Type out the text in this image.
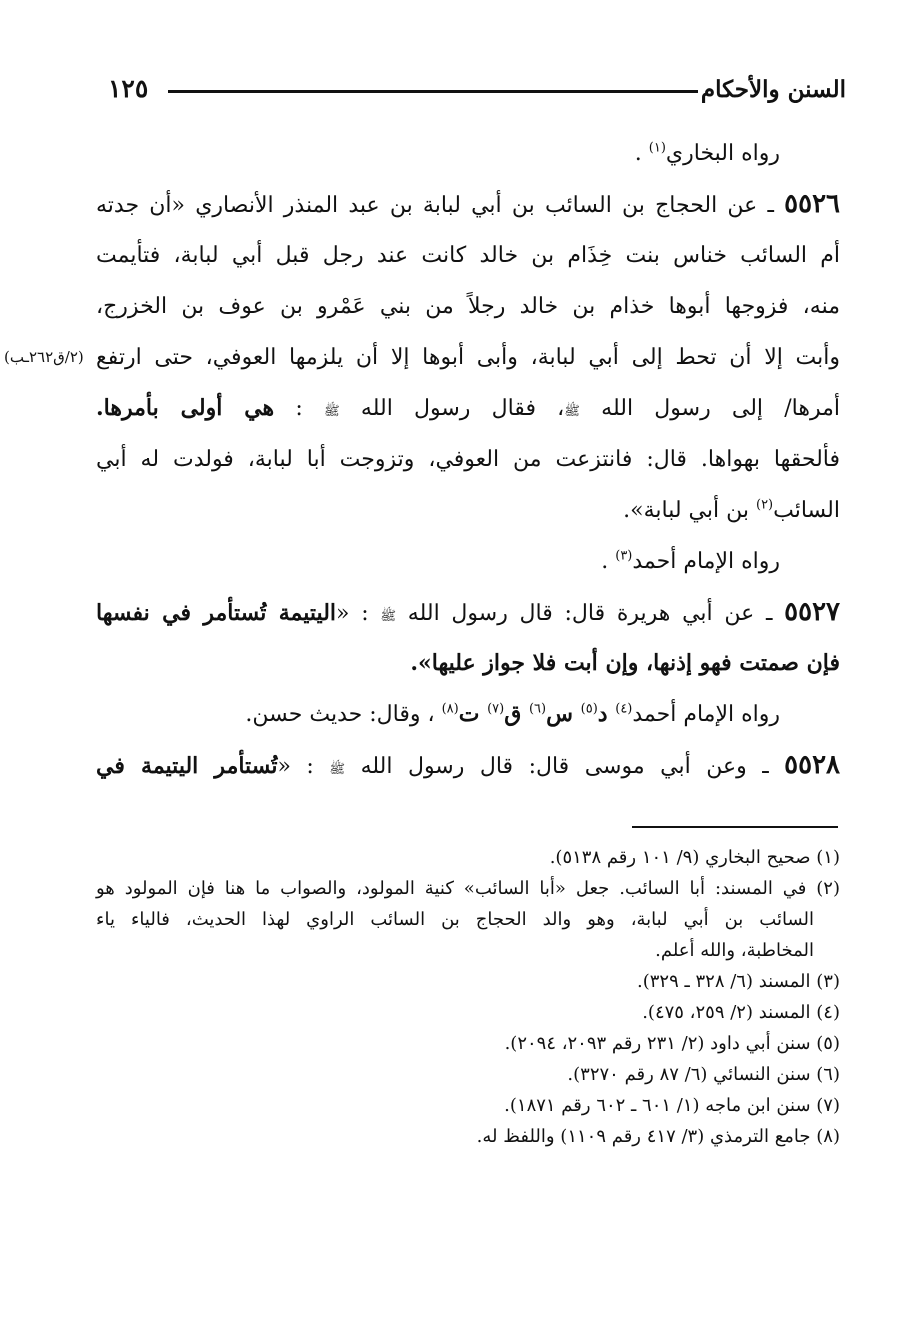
السنن والأحكام
١٢٥
رواه البخاري$^{(١)}$ .
٥٥٢٦ ـ عن الحجاج بن السائب بن أبي لبابة بن عبد المنذر الأنصاري «أن جدته
أم السائب خناس بنت خِذَام بن خالد كانت عند رجل قبل أبي لبابة، فتأيمت
منه، فزوجها أبوها خذام بن خالد رجلاً من بني عَمْرو بن عوف بن الخزرج،
وأبت إلا أن تحط إلى أبي لبابة، وأبى أبوها إلا أن يلزمها العوفي، حتى ارتفع
(٢/ق٢٦٢ـب)
أمرها/ إلى رسول الله ﷺ، فقال رسول الله ﷺ : هي أولى بأمرها.
فألحقها بهواها. قال: فانتزعت من العوفي، وتزوجت أبا لبابة، فولدت له أبي
السائب$^{(٢)}$ بن أبي لبابة».
رواه الإمام أحمد$^{(٣)}$ .
٥٥٢٧ ـ عن أبي هريرة قال: قال رسول الله ﷺ : «اليتيمة تُستأمر في نفسها
فإن صمتت فهو إذنها، وإن أبت فلا جواز عليها».
رواه الإمام أحمد$^{(٤)}$ د$^{(٥)}$ س$^{(٦)}$ ق$^{(٧)}$ ت$^{(٨)}$ ، وقال: حديث حسن.
٥٥٢٨ ـ وعن أبي موسى قال: قال رسول الله ﷺ : «تُستأمر اليتيمة في
(١) صحيح البخاري (٩/ ١٠١ رقم ٥١٣٨).
(٢) في المسند: أبا السائب. جعل «أبا السائب» كنية المولود، والصواب ما هنا فإن المولود هو
السائب بن أبي لبابة، وهو والد الحجاج بن السائب الراوي لهذا الحديث، فالياء ياء
المخاطبة، والله أعلم.
(٣) المسند (٦/ ٣٢٨ ـ ٣٢٩).
(٤) المسند (٢/ ٢٥٩، ٤٧٥).
(٥) سنن أبي داود (٢/ ٢٣١ رقم ٢٠٩٣، ٢٠٩٤).
(٦) سنن النسائي (٦/ ٨٧ رقم ٣٢٧٠).
(٧) سنن ابن ماجه (١/ ٦٠١ ـ ٦٠٢ رقم ١٨٧١).
(٨) جامع الترمذي (٣/ ٤١٧ رقم ١١٠٩) واللفظ له.
